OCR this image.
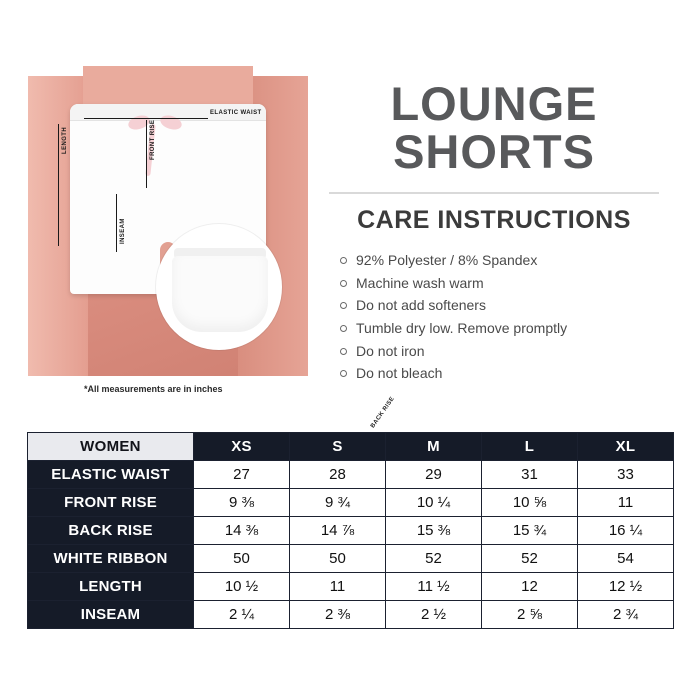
ELASTIC WAIST
LENGTH	FRONT RISE
INSEAM
BACK RISE
*All measurements are in inches
LOUNGE
SHORTS
CARE INSTRUCTIONS
92% Polyester / 8% Spandex
Machine wash warm
Do not add softeners
Tumble dry low. Remove promptly
Do not iron
Do not bleach
WOMEN	XS	S	M	L	XL
ELASTIC WAIST	27	28	29	31	33
FRONT RISE	9 ⅜	9 ¾	10 ¼	10 ⅝	11
BACK RISE	14 ⅜	14 ⅞	15 ⅜	15 ¾	16 ¼
WHITE RIBBON	50	50	52	52	54
LENGTH	10 ½	11	11 ½	12	12 ½
INSEAM	2 ¼	2 ⅜	2 ½	2 ⅝	2 ¾
